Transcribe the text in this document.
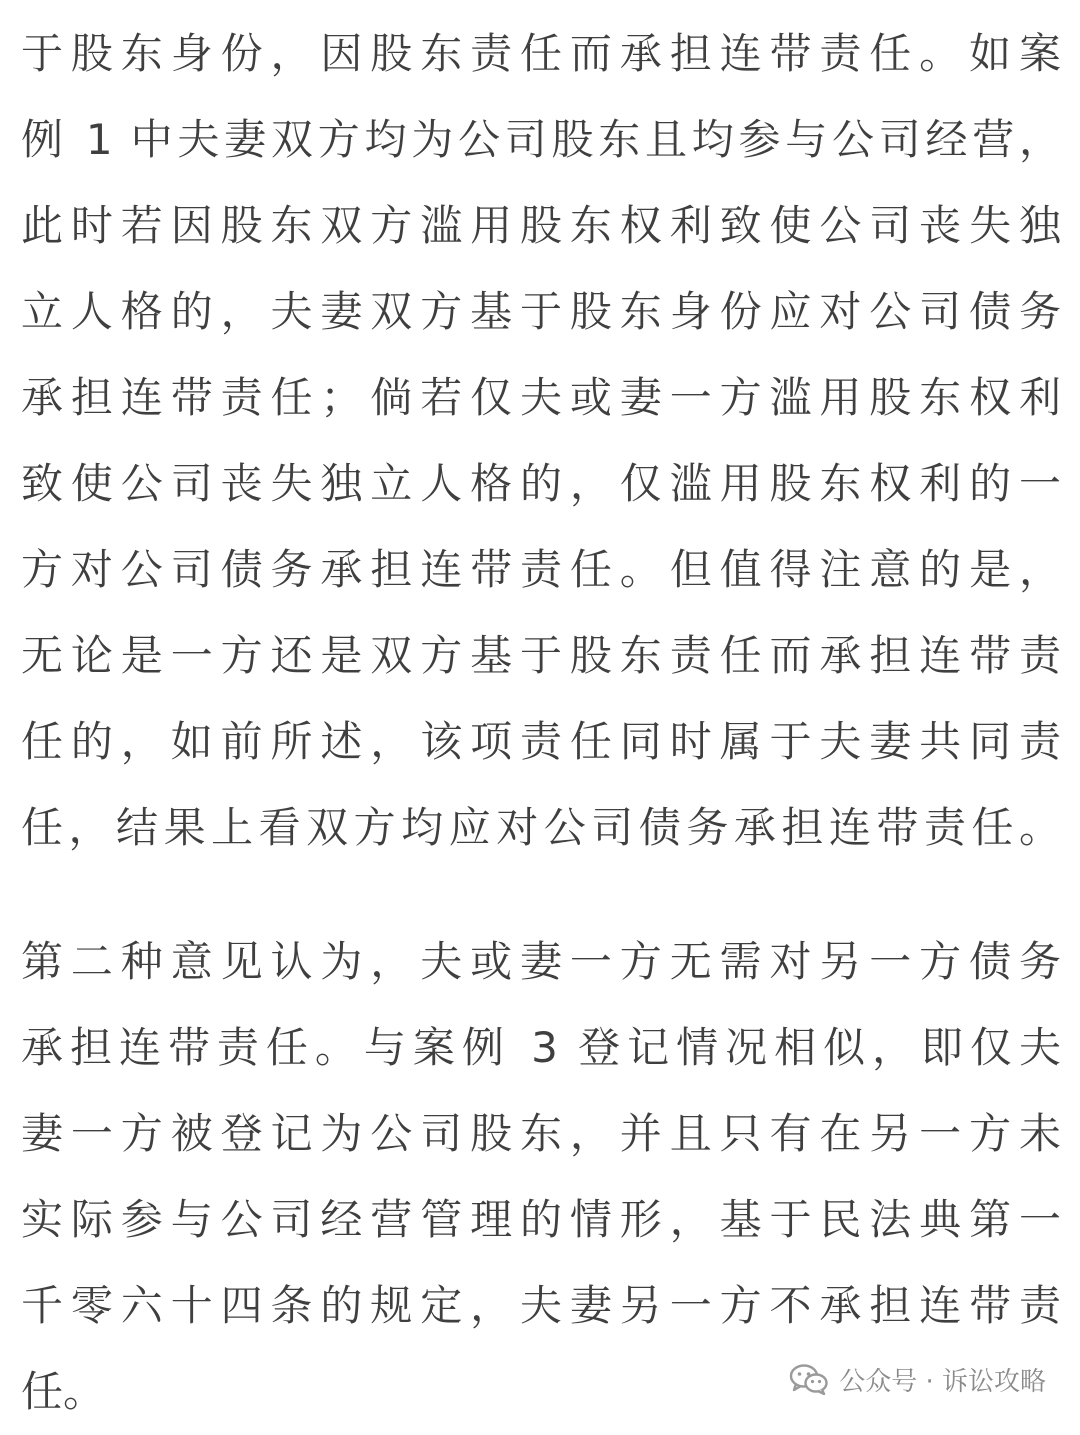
于股东身份，因股东责任而承担连带责任。如案
例 1 中夫妻双方均为公司股东且均参与公司经营，
此时若因股东双方滥用股东权利致使公司丧失独
立人格的，夫妻双方基于股东身份应对公司债务
承担连带责任；倘若仅夫或妻一方滥用股东权利
致使公司丧失独立人格的，仅滥用股东权利的一
方对公司债务承担连带责任。但值得注意的是，
无论是一方还是双方基于股东责任而承担连带责
任的，如前所述，该项责任同时属于夫妻共同责
任，结果上看双方均应对公司债务承担连带责任。
第二种意见认为，夫或妻一方无需对另一方债务
承担连带责任。与案例 3 登记情况相似，即仅夫
妻一方被登记为公司股东，并且只有在另一方未
实际参与公司经营管理的情形，基于民法典第一
千零六十四条的规定，夫妻另一方不承担连带责
任。	公众号 · 诉讼攻略
